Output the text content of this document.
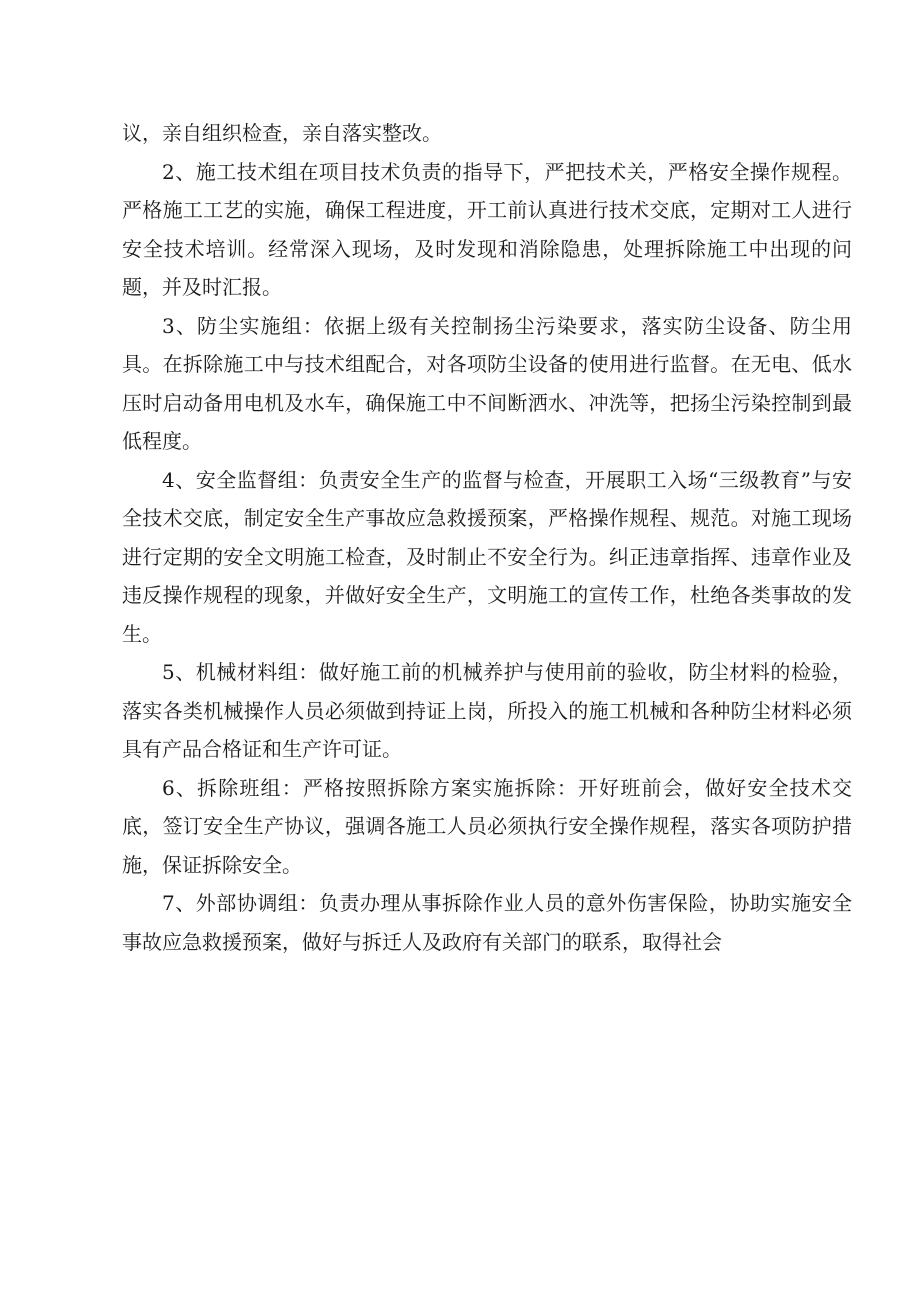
议，亲自组织检查，亲自落实整改。

2、施工技术组在项目技术负责的指导下，严把技术关，严格安全操作规程。严格施工工艺的实施，确保工程进度，开工前认真进行技术交底，定期对工人进行安全技术培训。经常深入现场，及时发现和消除隐患，处理拆除施工中出现的问题，并及时汇报。

3、防尘实施组：依据上级有关控制扬尘污染要求，落实防尘设备、防尘用具。在拆除施工中与技术组配合，对各项防尘设备的使用进行监督。在无电、低水压时启动备用电机及水车，确保施工中不间断洒水、冲洗等，把扬尘污染控制到最低程度。

4、安全监督组：负责安全生产的监督与检查，开展职工入场“三级教育”与安全技术交底，制定安全生产事故应急救援预案，严格操作规程、规范。对施工现场进行定期的安全文明施工检查，及时制止不安全行为。纠正违章指挥、违章作业及违反操作规程的现象，并做好安全生产，文明施工的宣传工作，杜绝各类事故的发生。

5、机械材料组：做好施工前的机械养护与使用前的验收，防尘材料的检验，落实各类机械操作人员必须做到持证上岗，所投入的施工机械和各种防尘材料必须具有产品合格证和生产许可证。

6、拆除班组：严格按照拆除方案实施拆除：开好班前会，做好安全技术交底，签订安全生产协议，强调各施工人员必须执行安全操作规程，落实各项防护措施，保证拆除安全。

7、外部协调组：负责办理从事拆除作业人员的意外伤害保险，协助实施安全事故应急救援预案，做好与拆迁人及政府有关部门的联系，取得社会
